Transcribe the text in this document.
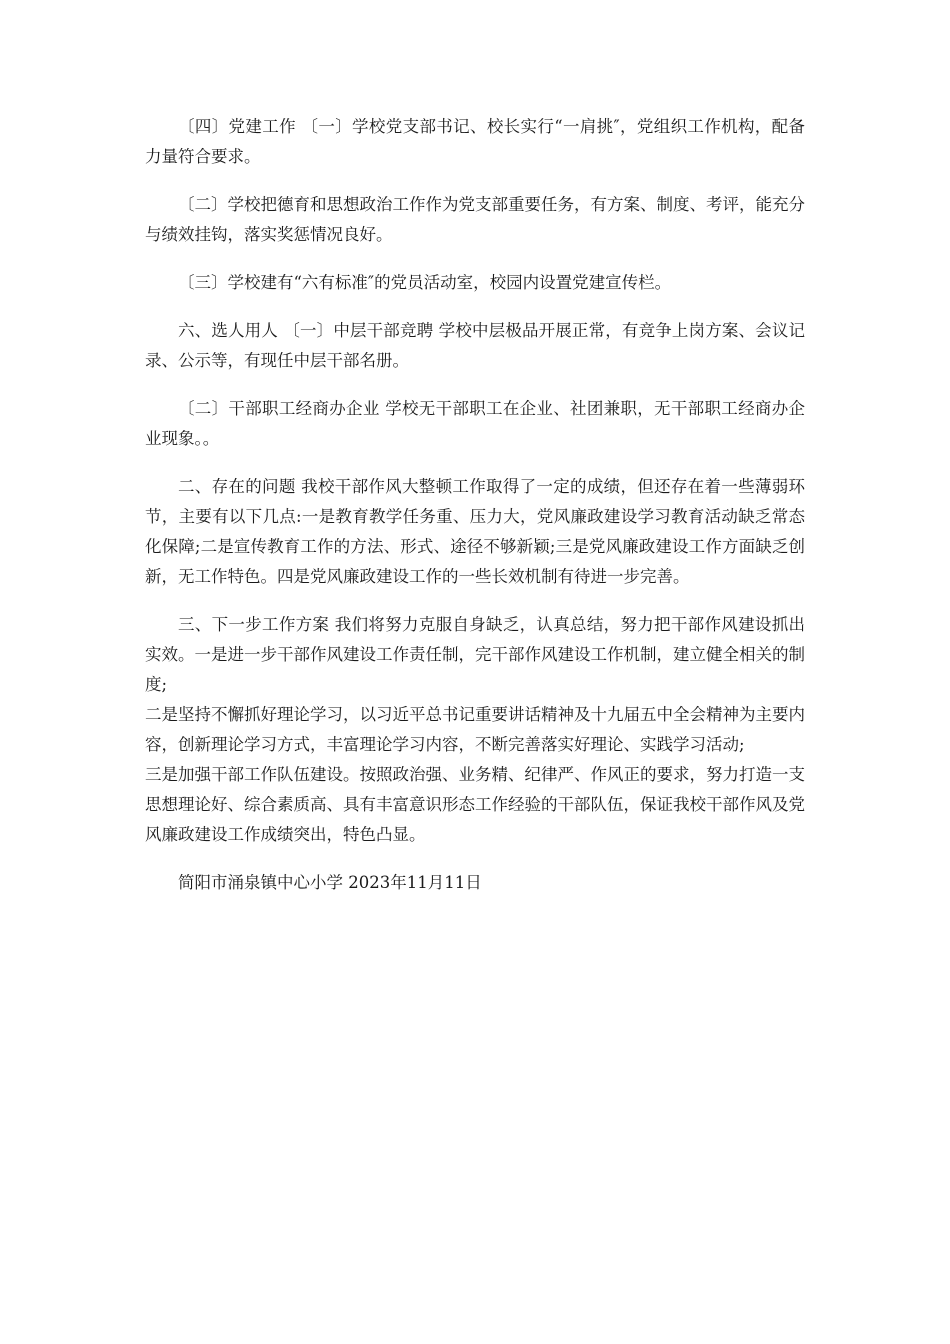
〔四〕党建工作 〔一〕学校党支部书记、校长实行“一肩挑″，党组织工作机构，配备力量符合要求。

〔二〕学校把德育和思想政治工作作为党支部重要任务，有方案、制度、考评，能充分与绩效挂钩，落实奖惩情况良好。

〔三〕学校建有“六有标准″的党员活动室，校园内设置党建宣传栏。

六、选人用人 〔一〕中层干部竞聘 学校中层极品开展正常，有竞争上岗方案、会议记录、公示等，有现任中层干部名册。

〔二〕干部职工经商办企业 学校无干部职工在企业、社团兼职，无干部职工经商办企业现象。。

二、存在的问题 我校干部作风大整顿工作取得了一定的成绩，但还存在着一些薄弱环节，主要有以下几点:一是教育教学任务重、压力大，党风廉政建设学习教育活动缺乏常态化保障;二是宣传教育工作的方法、形式、途径不够新颖;三是党风廉政建设工作方面缺乏创新，无工作特色。四是党风廉政建设工作的一些长效机制有待进一步完善。

三、下一步工作方案 我们将努力克服自身缺乏，认真总结，努力把干部作风建设抓出实效。一是进一步干部作风建设工作责任制，完干部作风建设工作机制，建立健全相关的制度;

二是坚持不懈抓好理论学习，以习近平总书记重要讲话精神及十九届五中全会精神为主要内容，创新理论学习方式，丰富理论学习内容，不断完善落实好理论、实践学习活动;

三是加强干部工作队伍建设。按照政治强、业务精、纪律严、作风正的要求，努力打造一支思想理论好、综合素质高、具有丰富意识形态工作经验的干部队伍，保证我校干部作风及党风廉政建设工作成绩突出，特色凸显。

简阳市涌泉镇中心小学 2023年11月11日
